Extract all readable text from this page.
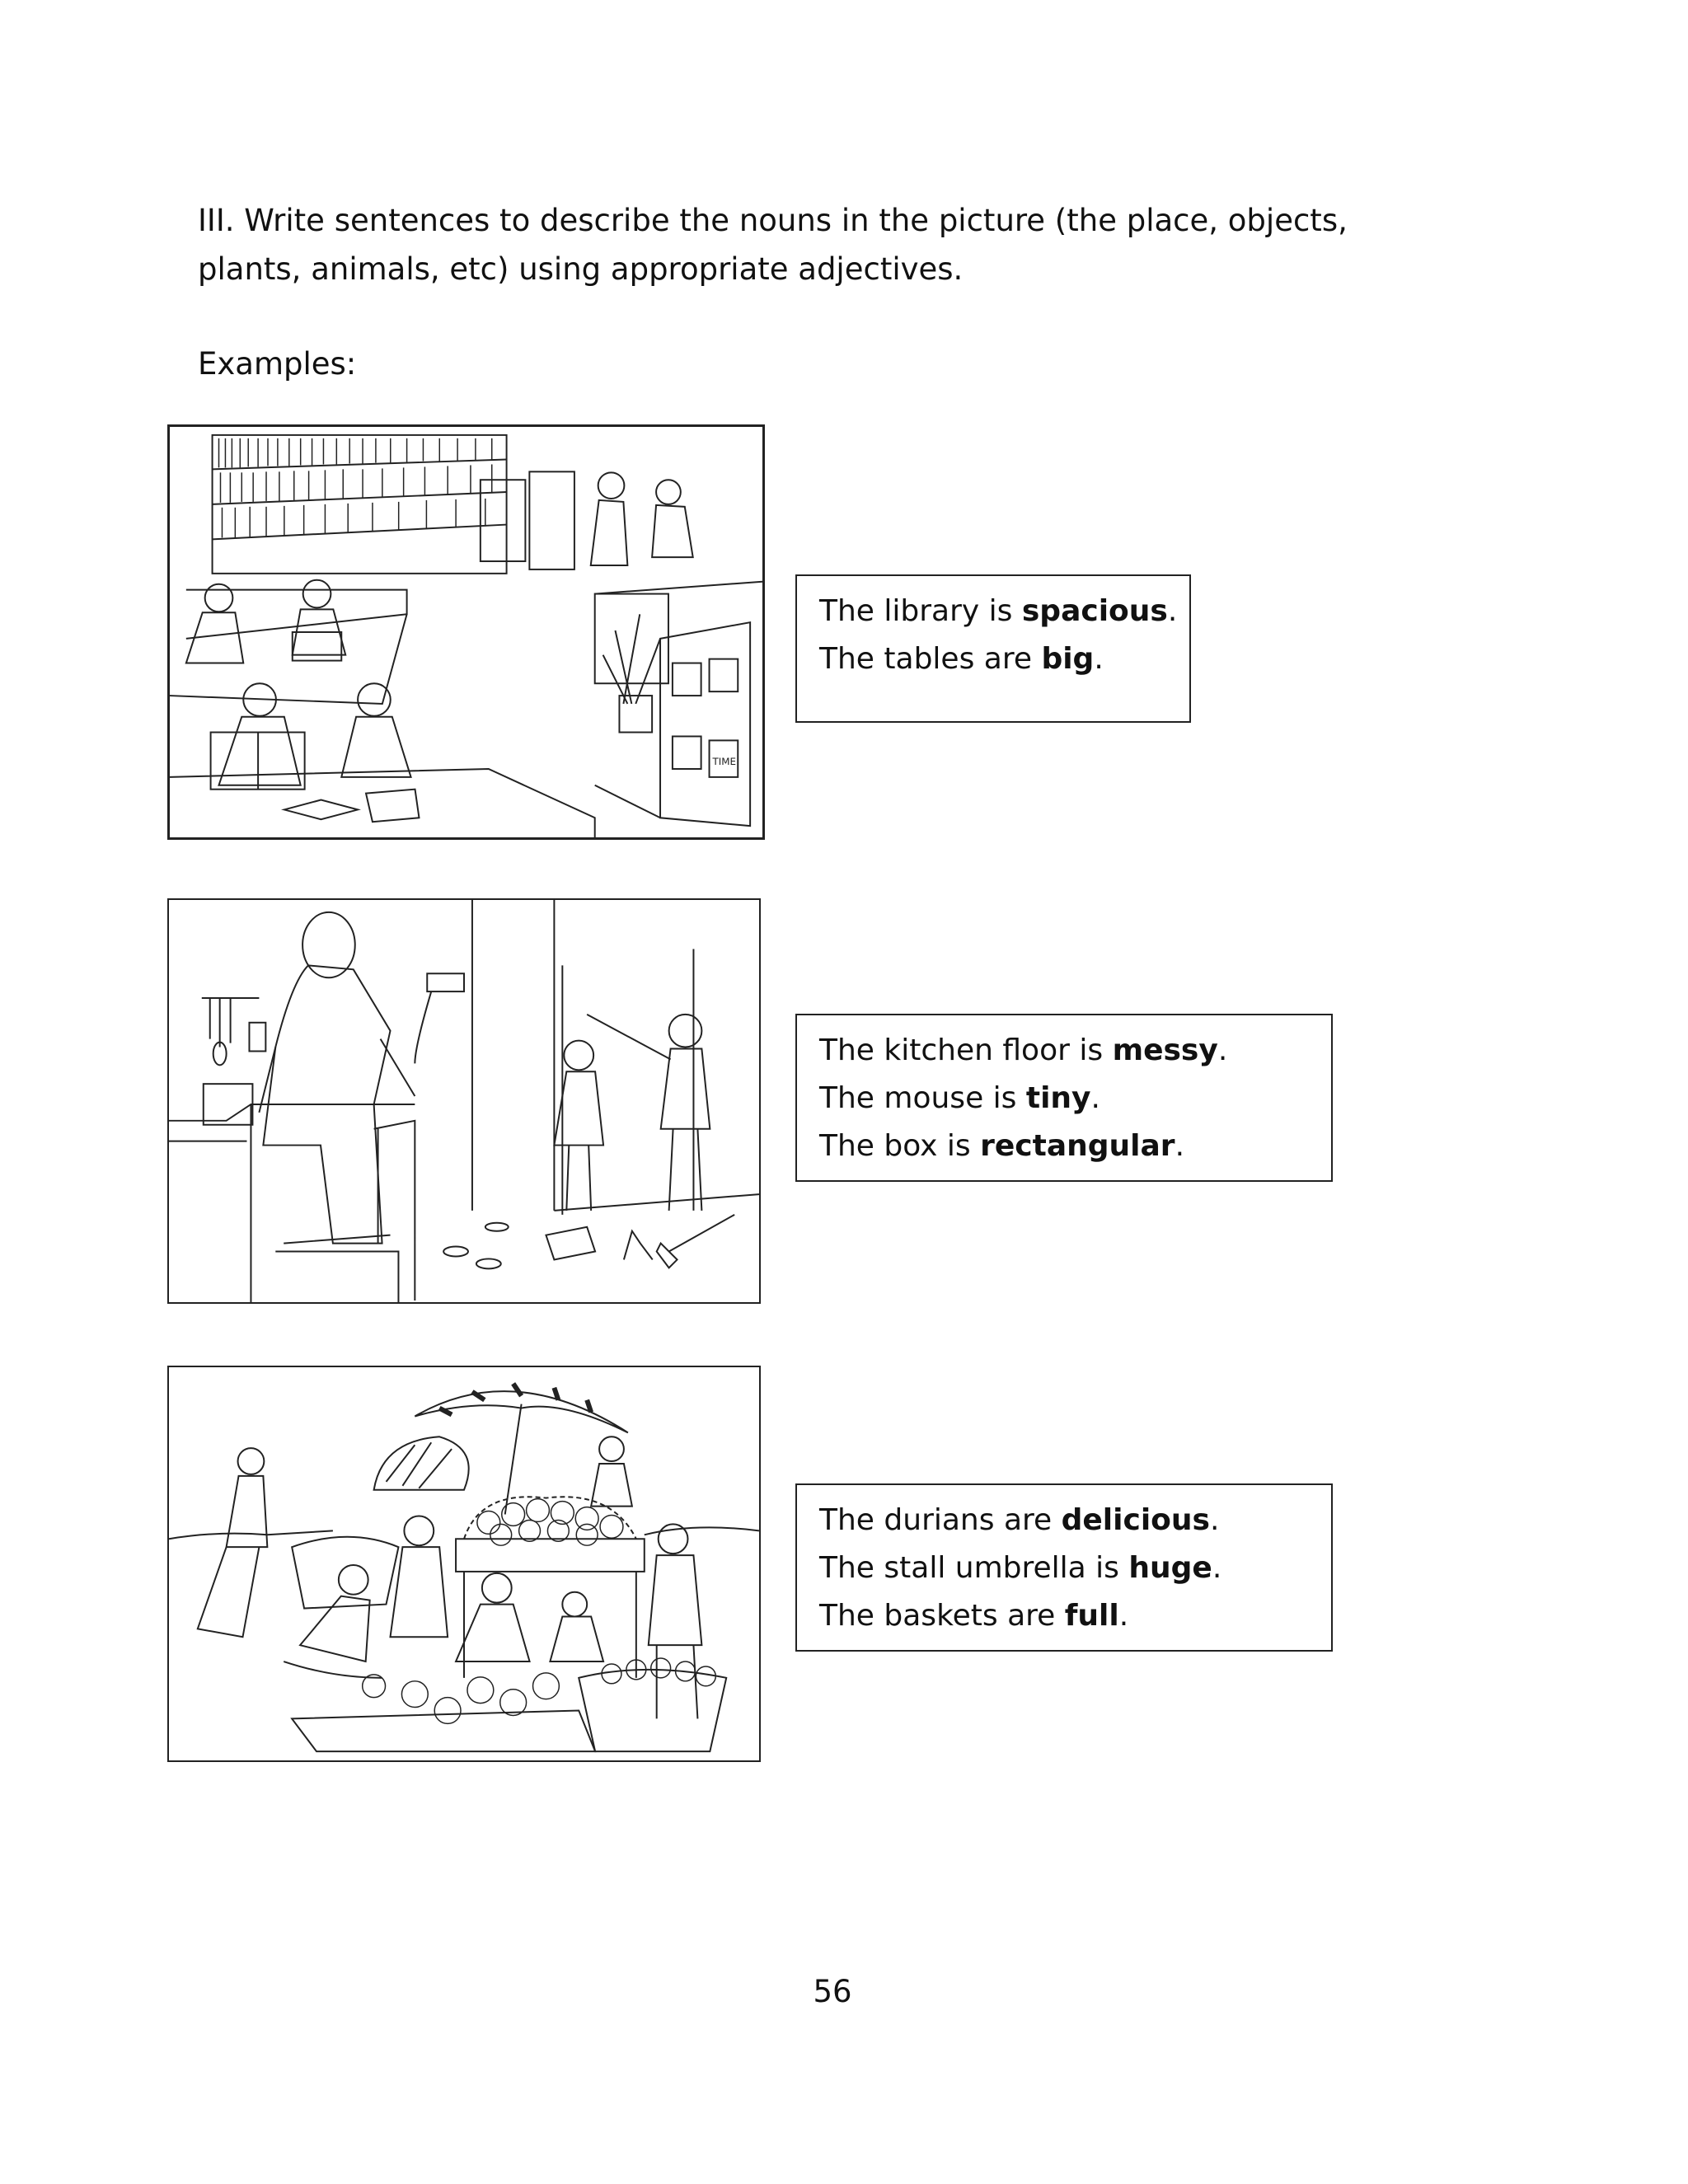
III. Write sentences to describe the nouns in the picture (the place, objects, plants, animals, etc) using appropriate adjectives.

Examples:

TIME
The library is spacious.
The tables are big.
The kitchen floor is messy.
The mouse is tiny.
The box is rectangular.
The durians are delicious.
The stall umbrella is huge.
The baskets are full.

56
